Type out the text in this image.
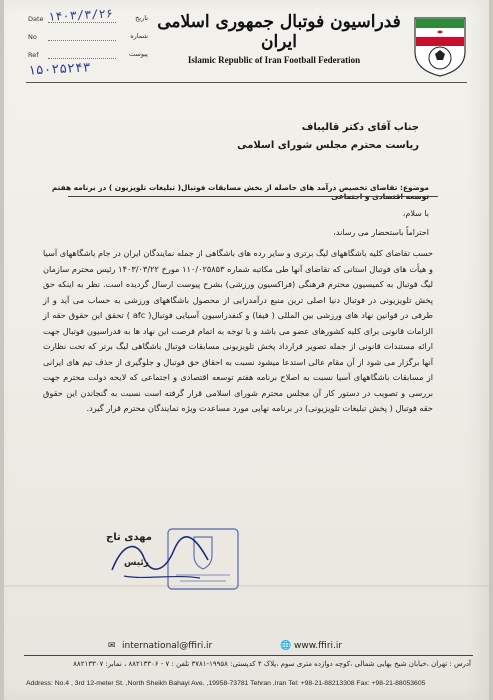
Date ۱۴۰۳/۳/۲۶	تاریخ
No	شماره
Ref	پیوست
۱۵۰۲۵۲۴۳
فدراسیون فوتبال جمهوری اسلامی ایران
Islamic Republic of Iran Football Federation
جناب آقای دکتر قالیباف
ریاست محترم مجلس شورای اسلامی
موضوع: تقاضای تخصیص درآمد های حاصله از بخش مسابقات فوتبال( تبلیغات تلویزیون ) در برنامه هفتم توسعه اقتصادی و اجتماعی
با سلام،
احتراماً باستحضار می رساند،

حسب تقاضای کلیه باشگاههای لیگ برتری و سایر رده های باشگاهی از جمله نمایندگان ایران در جام باشگاههای آسیا و هیأت های فوتبال استانی که تقاضای آنها طی مکاتبه شماره ۱۱۰/۰۲۵۸۵۳ مورخ ۱۴۰۳/۰۳/۲۲ رئیس محترم سازمان لیگ فوتبال به کمیسیون محترم فرهنگی (فراکسیون ورزشی) بشرح پیوست ارسال گردیده است. نظر به اینکه حق پخش تلویزیونی در فوتبال دنیا اصلی ترین منبع درآمدزایی از محصول باشگاههای ورزشی به حساب می آید و از طرفی در قوانین نهاد های ورزشی بین المللی ( فیفا) و کنفدراسیون آسیایی فوتبال( afc ) تحقق این حقوق حقه از الزامات قانونی برای کلیه کشورهای عضو می باشد و با توجه به اتمام فرصت این نهاد ها به فدراسیون فوتبال جهت ارائه مستندات قانونی از جمله تصویر قرارداد پخش تلویزیونی مسابقات فوتبال باشگاهی لیگ برتر که تحت نظارت آنها برگزار می شود از آن مقام عالی استدعا میشود نسبت به احقاق حق فوتبال و جلوگیری از حذف تیم های ایرانی از مسابقات باشگاههای آسیا نسبت به اصلاح برنامه هفتم توسعه اقتصادی و اجتماعی که لایحه دولت محترم جهت بررسی و تصویب در دستور کار آن مجلس محترم شورای اسلامی قرار گرفته است نسبت به گنجاندن این حقوق حقه فوتبال ( پخش تبلیغات تلویزیونی) در برنامه نهایی مورد مساعدت ویژه نمایندگان محترم قرار گیرد.

مهدی تاج
رئیس
🌐 www.ffiri.ir
✉ international@ffiri.ir
آدرس : تهران ،خیابان شیخ بهایی شمالی ،کوچه دوازده متری سوم ،پلاک ۴ کدپستی: ۱۹۹۵۸-۳۷۸۱ تلفن : ۷ - ۸۸۲۱۳۳۰۶ ، نمابر: ۸۸۲۱۳۳۰۷
Address: No.4 , 3rd 12-meter St. ,North Sheikh Bahayi Ave. ,19958-73781 Tehran ,Iran Tel: +98-21-88213308 Fax: +98-21-88053605
